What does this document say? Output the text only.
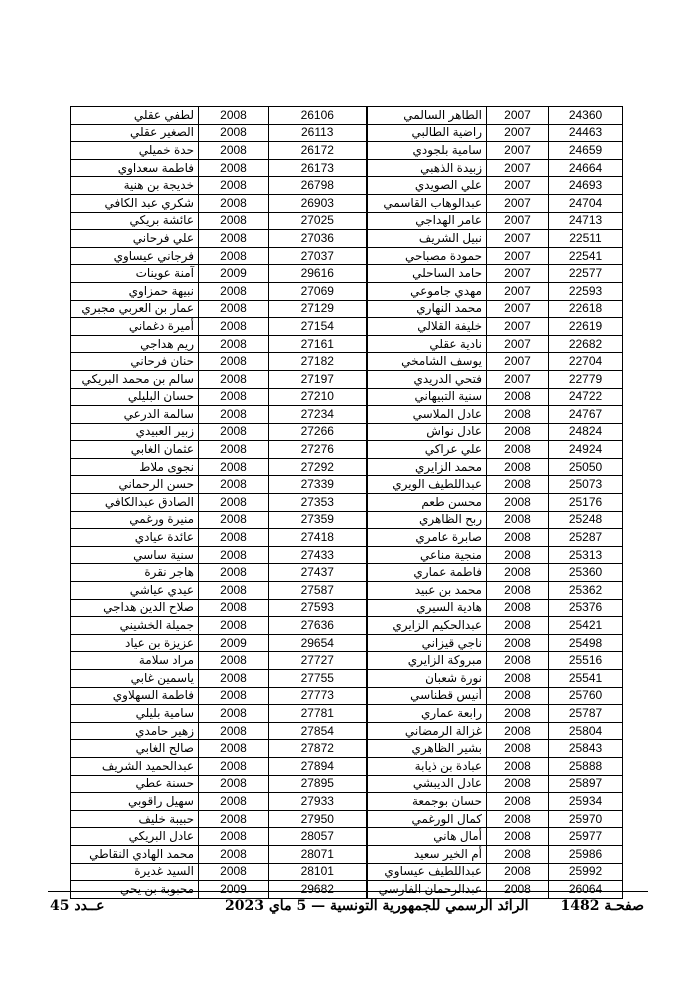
لطفي عقلي	2008	26106	الطاهر السالمي	2007	24360
الصغير عقلي	2008	26113	راضية الطالبي	2007	24463
حدة خميلي	2008	26172	سامية بلجودي	2007	24659
فاطمة سعداوي	2008	26173	زبيدة الذهبي	2007	24664
خديجة بن هنية	2008	26798	علي الصويدي	2007	24693
شكري عبد الكافي	2008	26903	عبدالوهاب القاسمي	2007	24704
عائشة بريكي	2008	27025	عامر الهداجي	2007	24713
علي فرحاني	2008	27036	نبيل الشريف	2007	22511
فرجاني عيساوي	2008	27037	حمودة مصباحي	2007	22541
آمنة عوينات	2009	29616	حامد الساحلي	2007	22577
نبيهة حمزاوي	2008	27069	مهدي جاموعي	2007	22593
عمار بن العربي مجبري	2008	27129	محمد النهاري	2007	22618
أميرة دغماني	2008	27154	خليفة القلالي	2007	22619
ريم هداجي	2008	27161	نادية عقلي	2007	22682
حنان فرحاني	2008	27182	يوسف الشامخي	2007	22704
سالم بن محمد البريكي	2008	27197	فتحي الدريدي	2007	22779
حسان البليلي	2008	27210	سنية التبيهاني	2008	24722
سالمة الدرعي	2008	27234	عادل الملاسي	2008	24767
زبير العبيدي	2008	27266	عادل نواش	2008	24824
عثمان الغابي	2008	27276	علي عراكي	2008	24924
نجوى ملاط	2008	27292	محمد الزايري	2008	25050
حسن الرحماني	2008	27339	عبداللطيف الويري	2008	25073
الصادق عبدالكافي	2008	27353	محسن طعم	2008	25176
منيرة ورغمي	2008	27359	ربح الظاهري	2008	25248
عائدة عيادي	2008	27418	صابرة عامري	2008	25287
سنية ساسي	2008	27433	منجية مناعي	2008	25313
هاجر نقرة	2008	27437	فاطمة عماري	2008	25360
عيدي عياشي	2008	27587	محمد بن عبيد	2008	25362
صلاح الدين هداجي	2008	27593	هادية السيري	2008	25376
جميلة الخشيني	2008	27636	عبدالحكيم الزايري	2008	25421
عزيزة بن عياد	2009	29654	ناجي قيزاني	2008	25498
مراد سلامة	2008	27727	مبروكة الزايري	2008	25516
ياسمين غابي	2008	27755	نورة شعبان	2008	25541
فاطمة السهلاوي	2008	27773	أنيس قطناسي	2008	25760
سامية بليلي	2008	27781	رابعة عماري	2008	25787
زهير حامدي	2008	27854	غزالة الرمضاني	2008	25804
صالح الغابي	2008	27872	بشير الظاهري	2008	25843
عبدالحميد الشريف	2008	27894	عبادة بن ذيابة	2008	25888
حسنة عطي	2008	27895	عادل الديبشي	2008	25897
سهيل راقوبي	2008	27933	حسان بوجمعة	2008	25934
حبيبة خليف	2008	27950	كمال الورغمي	2008	25970
عادل البريكي	2008	28057	أمال هاني	2008	25977
محمد الهادي النقاطي	2008	28071	أم الخير سعيد	2008	25986
السيد غديرة	2008	28101	عبداللطيف عيساوي	2008	25992
محبوبة بن يحي	2009	29682	عبدالرحمان الفارسي	2008	26064
عــدد 45	الرائد الرسمي للجمهورية التونسية — 5 ماي 2023 صفحـة 1482
